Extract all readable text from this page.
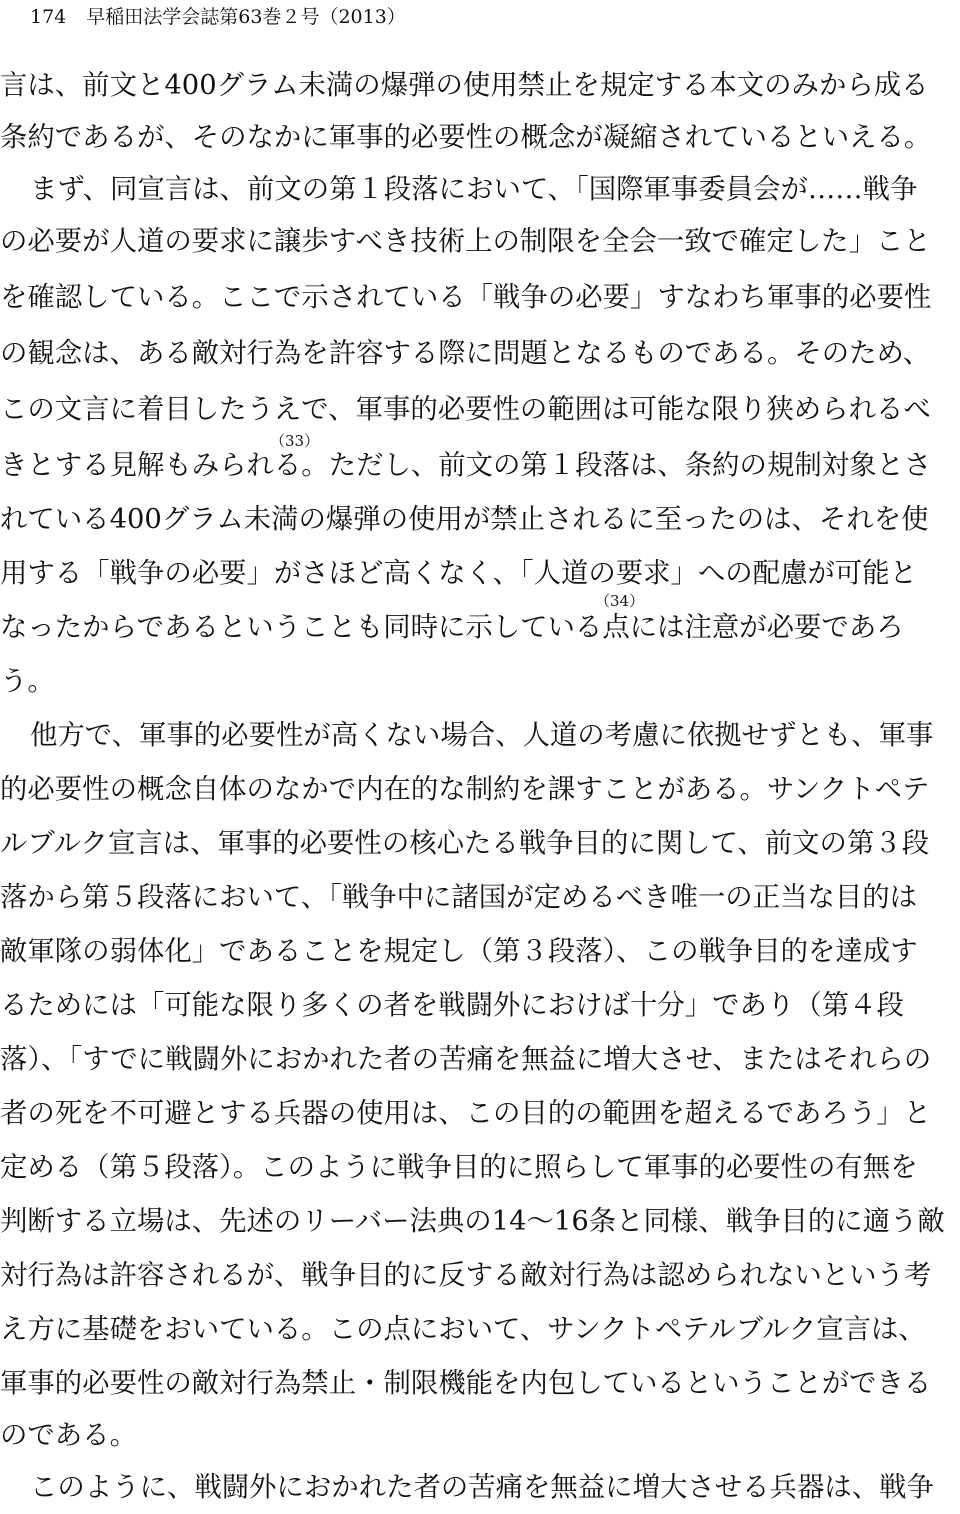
174 早稲田法学会誌第63巻２号（2013）
言は、前文と400グラム未満の爆弾の使用禁止を規定する本文のみから成る
条約であるが、そのなかに軍事的必要性の概念が凝縮されているといえる。
まず、同宣言は、前文の第１段落において、「国際軍事委員会が……戦争
の必要が人道の要求に譲歩すべき技術上の制限を全会一致で確定した」こと
を確認している。ここで示されている「戦争の必要」すなわち軍事的必要性
の観念は、ある敵対行為を許容する際に問題となるものである。そのため、
この文言に着目したうえで、軍事的必要性の範囲は可能な限り狭められるべ
（33）
きとする見解もみられる。ただし、前文の第１段落は、条約の規制対象とさ
れている400グラム未満の爆弾の使用が禁止されるに至ったのは、それを使
用する「戦争の必要」がさほど高くなく、「人道の要求」への配慮が可能と
（34）
なったからであるということも同時に示している点には注意が必要であろ
う。
他方で、軍事的必要性が高くない場合、人道の考慮に依拠せずとも、軍事
的必要性の概念自体のなかで内在的な制約を課すことがある。サンクトペテ
ルブルク宣言は、軍事的必要性の核心たる戦争目的に関して、前文の第３段
落から第５段落において、「戦争中に諸国が定めるべき唯一の正当な目的は
敵軍隊の弱体化」であることを規定し（第３段落）、この戦争目的を達成す
るためには「可能な限り多くの者を戦闘外におけば十分」であり（第４段
落）、「すでに戦闘外におかれた者の苦痛を無益に増大させ、またはそれらの
者の死を不可避とする兵器の使用は、この目的の範囲を超えるであろう」と
定める（第５段落）。このように戦争目的に照らして軍事的必要性の有無を
判断する立場は、先述のリーバー法典の14〜16条と同様、戦争目的に適う敵
対行為は許容されるが、戦争目的に反する敵対行為は認められないという考
え方に基礎をおいている。この点において、サンクトペテルブルク宣言は、
軍事的必要性の敵対行為禁止・制限機能を内包しているということができる
のである。
このように、戦闘外におかれた者の苦痛を無益に増大させる兵器は、戦争
